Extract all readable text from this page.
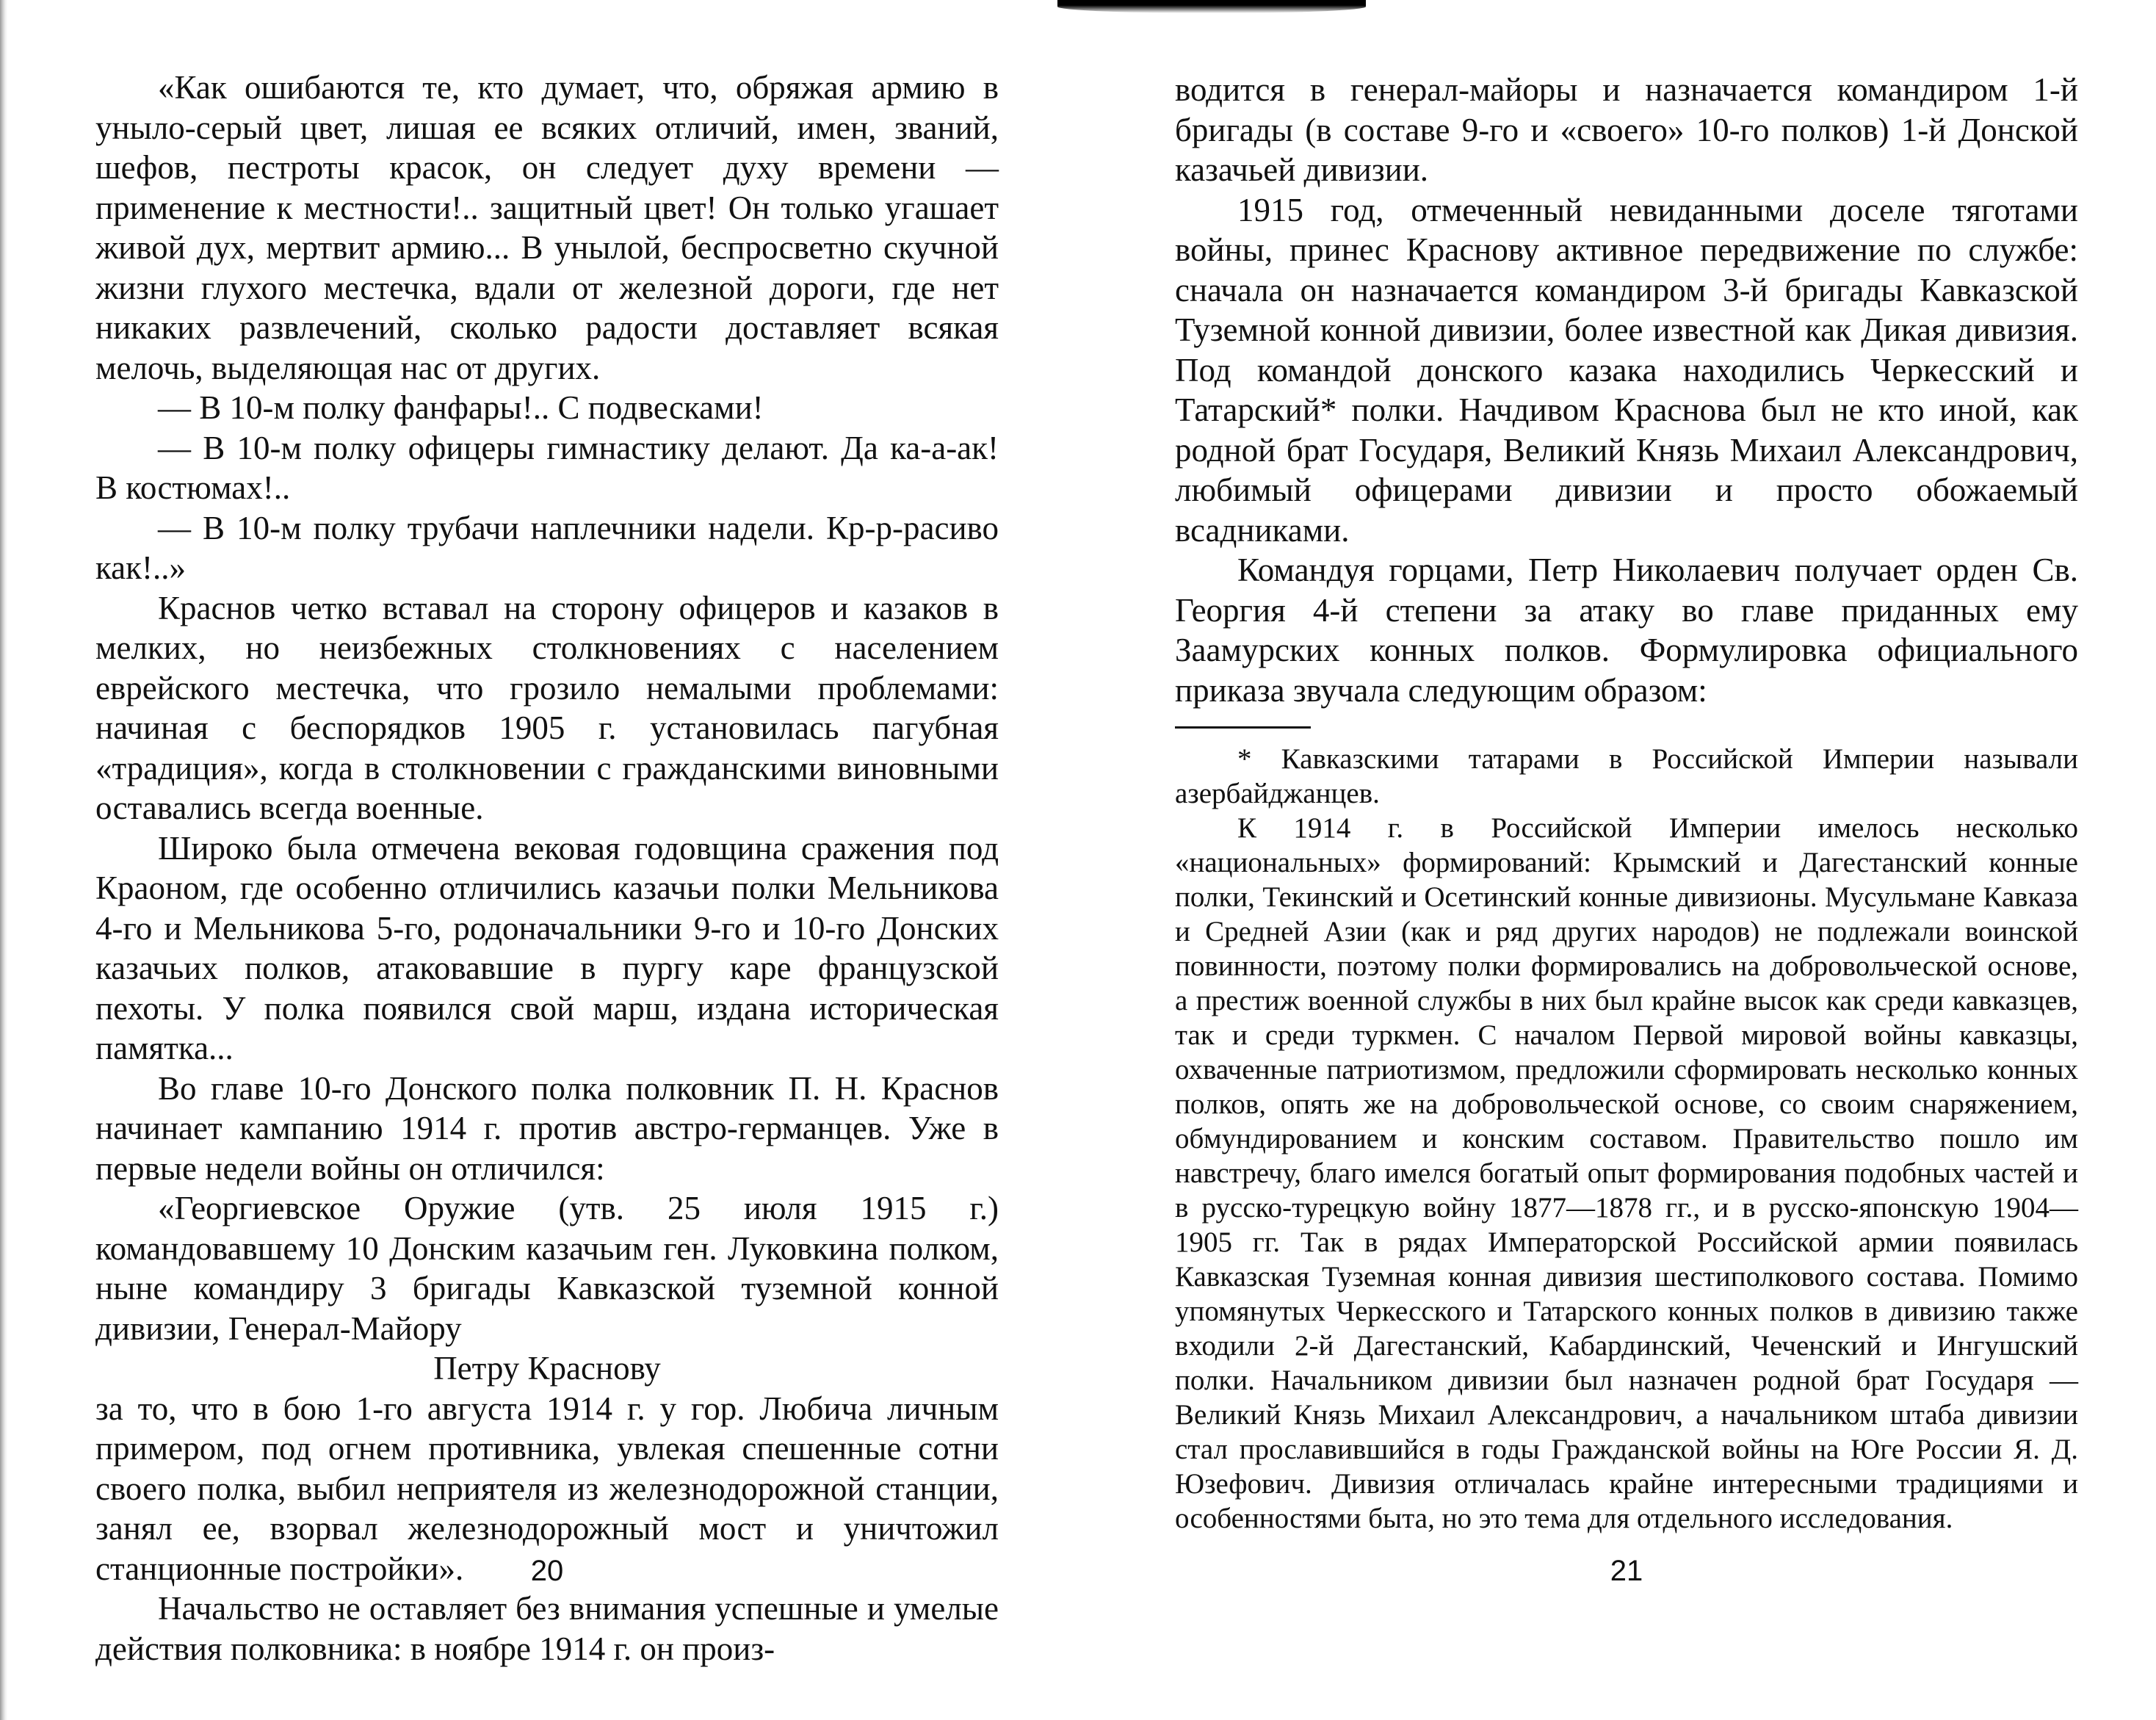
«Как ошибаются те, кто думает, что, обряжая армию в унылo-серый цвет, лишая ее всяких отличий, имен, званий, шефов, пестроты красок, он следует духу времени — применение к местности!.. защитный цвет! Он только угашает живой дух, мертвит армию... В унылой, беспросветно скучной жизни глухого местечка, вдали от железной дороги, где нет никаких развлечений, сколько радости доставляет всякая мелочь, выделяющая нас от других.

— В 10-м полку фанфары!.. С подвесками!

— В 10-м полку офицеры гимнастику делают. Да ка-а-ак! В костюмах!..

— В 10-м полку трубачи наплечники надели. Кр-р-расиво как!..»

Краснов четко вставал на сторону офицеров и казаков в мелких, но неизбежных столкновениях с населением еврейского местечка, что грозило немалыми проблемами: начиная с беспорядков 1905 г. установилась пагубная «традиция», когда в столкновении с гражданскими виновными оставались всегда военные.

Широко была отмечена вековая годовщина сражения под Краоном, где особенно отличились казачьи полки Мельникова 4-го и Мельникова 5-го, родоначальники 9-го и 10-го Донских казачьих полков, атаковавшие в пургу каре французской пехоты. У полка появился свой марш, издана историческая памятка...

Во главе 10-го Донского полка полковник П. Н. Краснов начинает кампанию 1914 г. против австро-германцев. Уже в первые недели войны он отличился:

«Георгиевское Оружие (утв. 25 июля 1915 г.) командовавшему 10 Донским казачьим ген. Луковкина полком, ныне командиру 3 бригады Кавказской туземной конной дивизии, Генерал-Майору

Петру Краснову

за то, что в бою 1-го августа 1914 г. у гор. Любича личным примером, под огнем противника, увлекая спешенные сотни своего полка, выбил неприятеля из железнодорожной станции, занял ее, взорвал железнодорожный мост и уничтожил станционные постройки».

Начальство не оставляет без внимания успешные и умелые действия полковника: в ноябре 1914 г. он произ-

20

водится в генерал-майоры и назначается командиром 1-й бригады (в составе 9-го и «своего» 10-го полков) 1-й Донской казачьей дивизии.

1915 год, отмеченный невиданными доселе тяготами войны, принес Краснову активное передвижение по службе: сначала он назначается командиром 3-й бригады Кавказской Туземной конной дивизии, более известной как Дикая дивизия. Под командой донского казака находились Черкесский и Татарский* полки. Начдивом Краснова был не кто иной, как родной брат Государя, Великий Князь Михаил Александрович, любимый офицерами дивизии и просто обожаемый всадниками.

Командуя горцами, Петр Николаевич получает орден Св. Георгия 4-й степени за атаку во главе приданных ему Заамурских конных полков. Формулировка официального приказа звучала следующим образом:

* Кавказскими татарами в Российской Империи называли азербайджанцев.

К 1914 г. в Российской Империи имелось несколько «национальных» формирований: Крымский и Дагестанский конные полки, Текинский и Осетинский конные дивизионы. Мусульмане Кавказа и Средней Азии (как и ряд других народов) не подлежали воинской повинности, поэтому полки формировались на добровольческой основе, а престиж военной службы в них был крайне высок как среди кавказцев, так и среди туркмен. С началом Первой мировой войны кавказцы, охваченные патриотизмом, предложили сформировать несколько конных полков, опять же на добровольческой основе, со своим снаряжением, обмундированием и конским составом. Правительство пошло им навстречу, благо имелся богатый опыт формирования подобных частей и в русско-турецкую войну 1877—1878 гг., и в русско-японскую 1904—1905 гг. Так в рядах Императорской Российской армии появилась Кавказская Туземная конная дивизия шестиполкового состава. Помимо упомянутых Черкесского и Татарского конных полков в дивизию также входили 2-й Дагестанский, Кабардинский, Чеченский и Ингушский полки. Начальником дивизии был назначен родной брат Государя — Великий Князь Михаил Александрович, а начальником штаба дивизии стал прославившийся в годы Гражданской войны на Юге России Я. Д. Юзефович. Дивизия отличалась крайне интересными традициями и особенностями быта, но это тема для отдельного исследования.

21
